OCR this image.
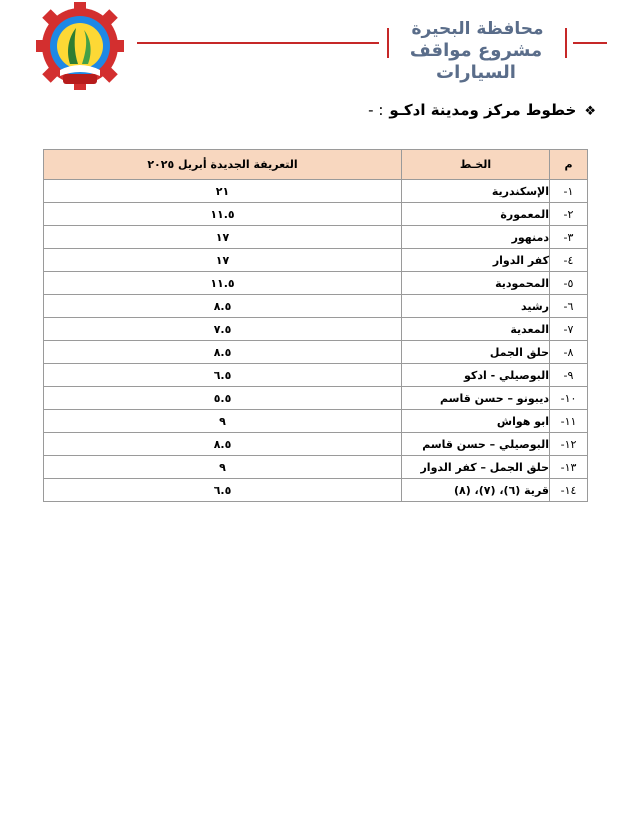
محافظة البحيرة
مشروع مواقف السيارات
❖خطوط مركز ومدينة ادكـو: -
م	الخـط	التعريفة الجديدة أبريل ٢٠٢٥
١-	الإسكندرية	٢١
٢-	المعمورة	١١.٥
٣-	دمنهور	١٧
٤-	كفر الدوار	١٧
٥-	المحمودية	١١.٥
٦-	رشيد	٨.٥
٧-	المعدية	٧.٥
٨-	حلق الجمل	٨.٥
٩-	البوصيلي - ادكو	٦.٥
١٠-	ديبونو – حسن قاسم	٥.٥
١١-	ابو هواش	٩
١٢-	البوصيلي – حسن قاسم	٨.٥
١٣-	حلق الجمل – كفر الدوار	٩
١٤-	قرية (٦)، (٧)، (٨)	٦.٥
